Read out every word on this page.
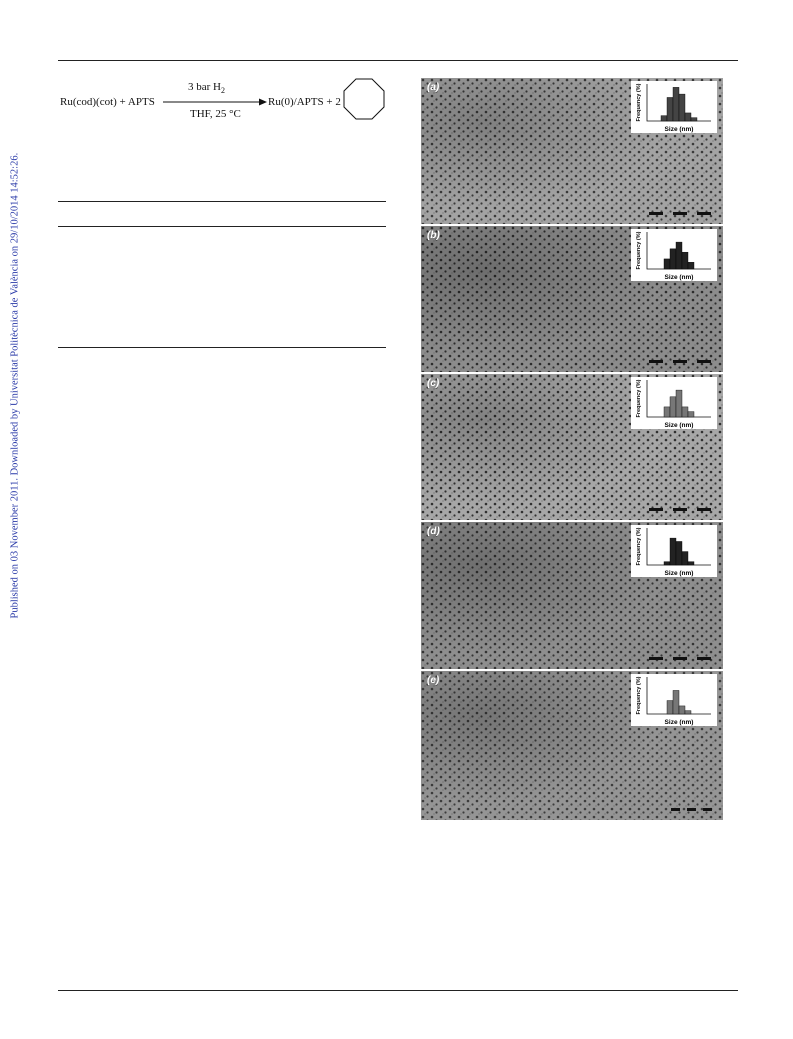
Published on 03 November 2011. Downloaded by Universitat Politècnica de València on 29/10/2014 14:52:26.
Ru(cod)(cot) + APTS
3 bar $H_2$
THF, 25 °C
Ru(0)/APTS + 2
(a)
Size (nm)
Frequency (%)
(b)
Size (nm)
Frequency (%)
(c)
Size (nm)
Frequency (%)
(d)
Size (nm)
Frequency (%)
(e)
Size (nm)
Frequency (%)
